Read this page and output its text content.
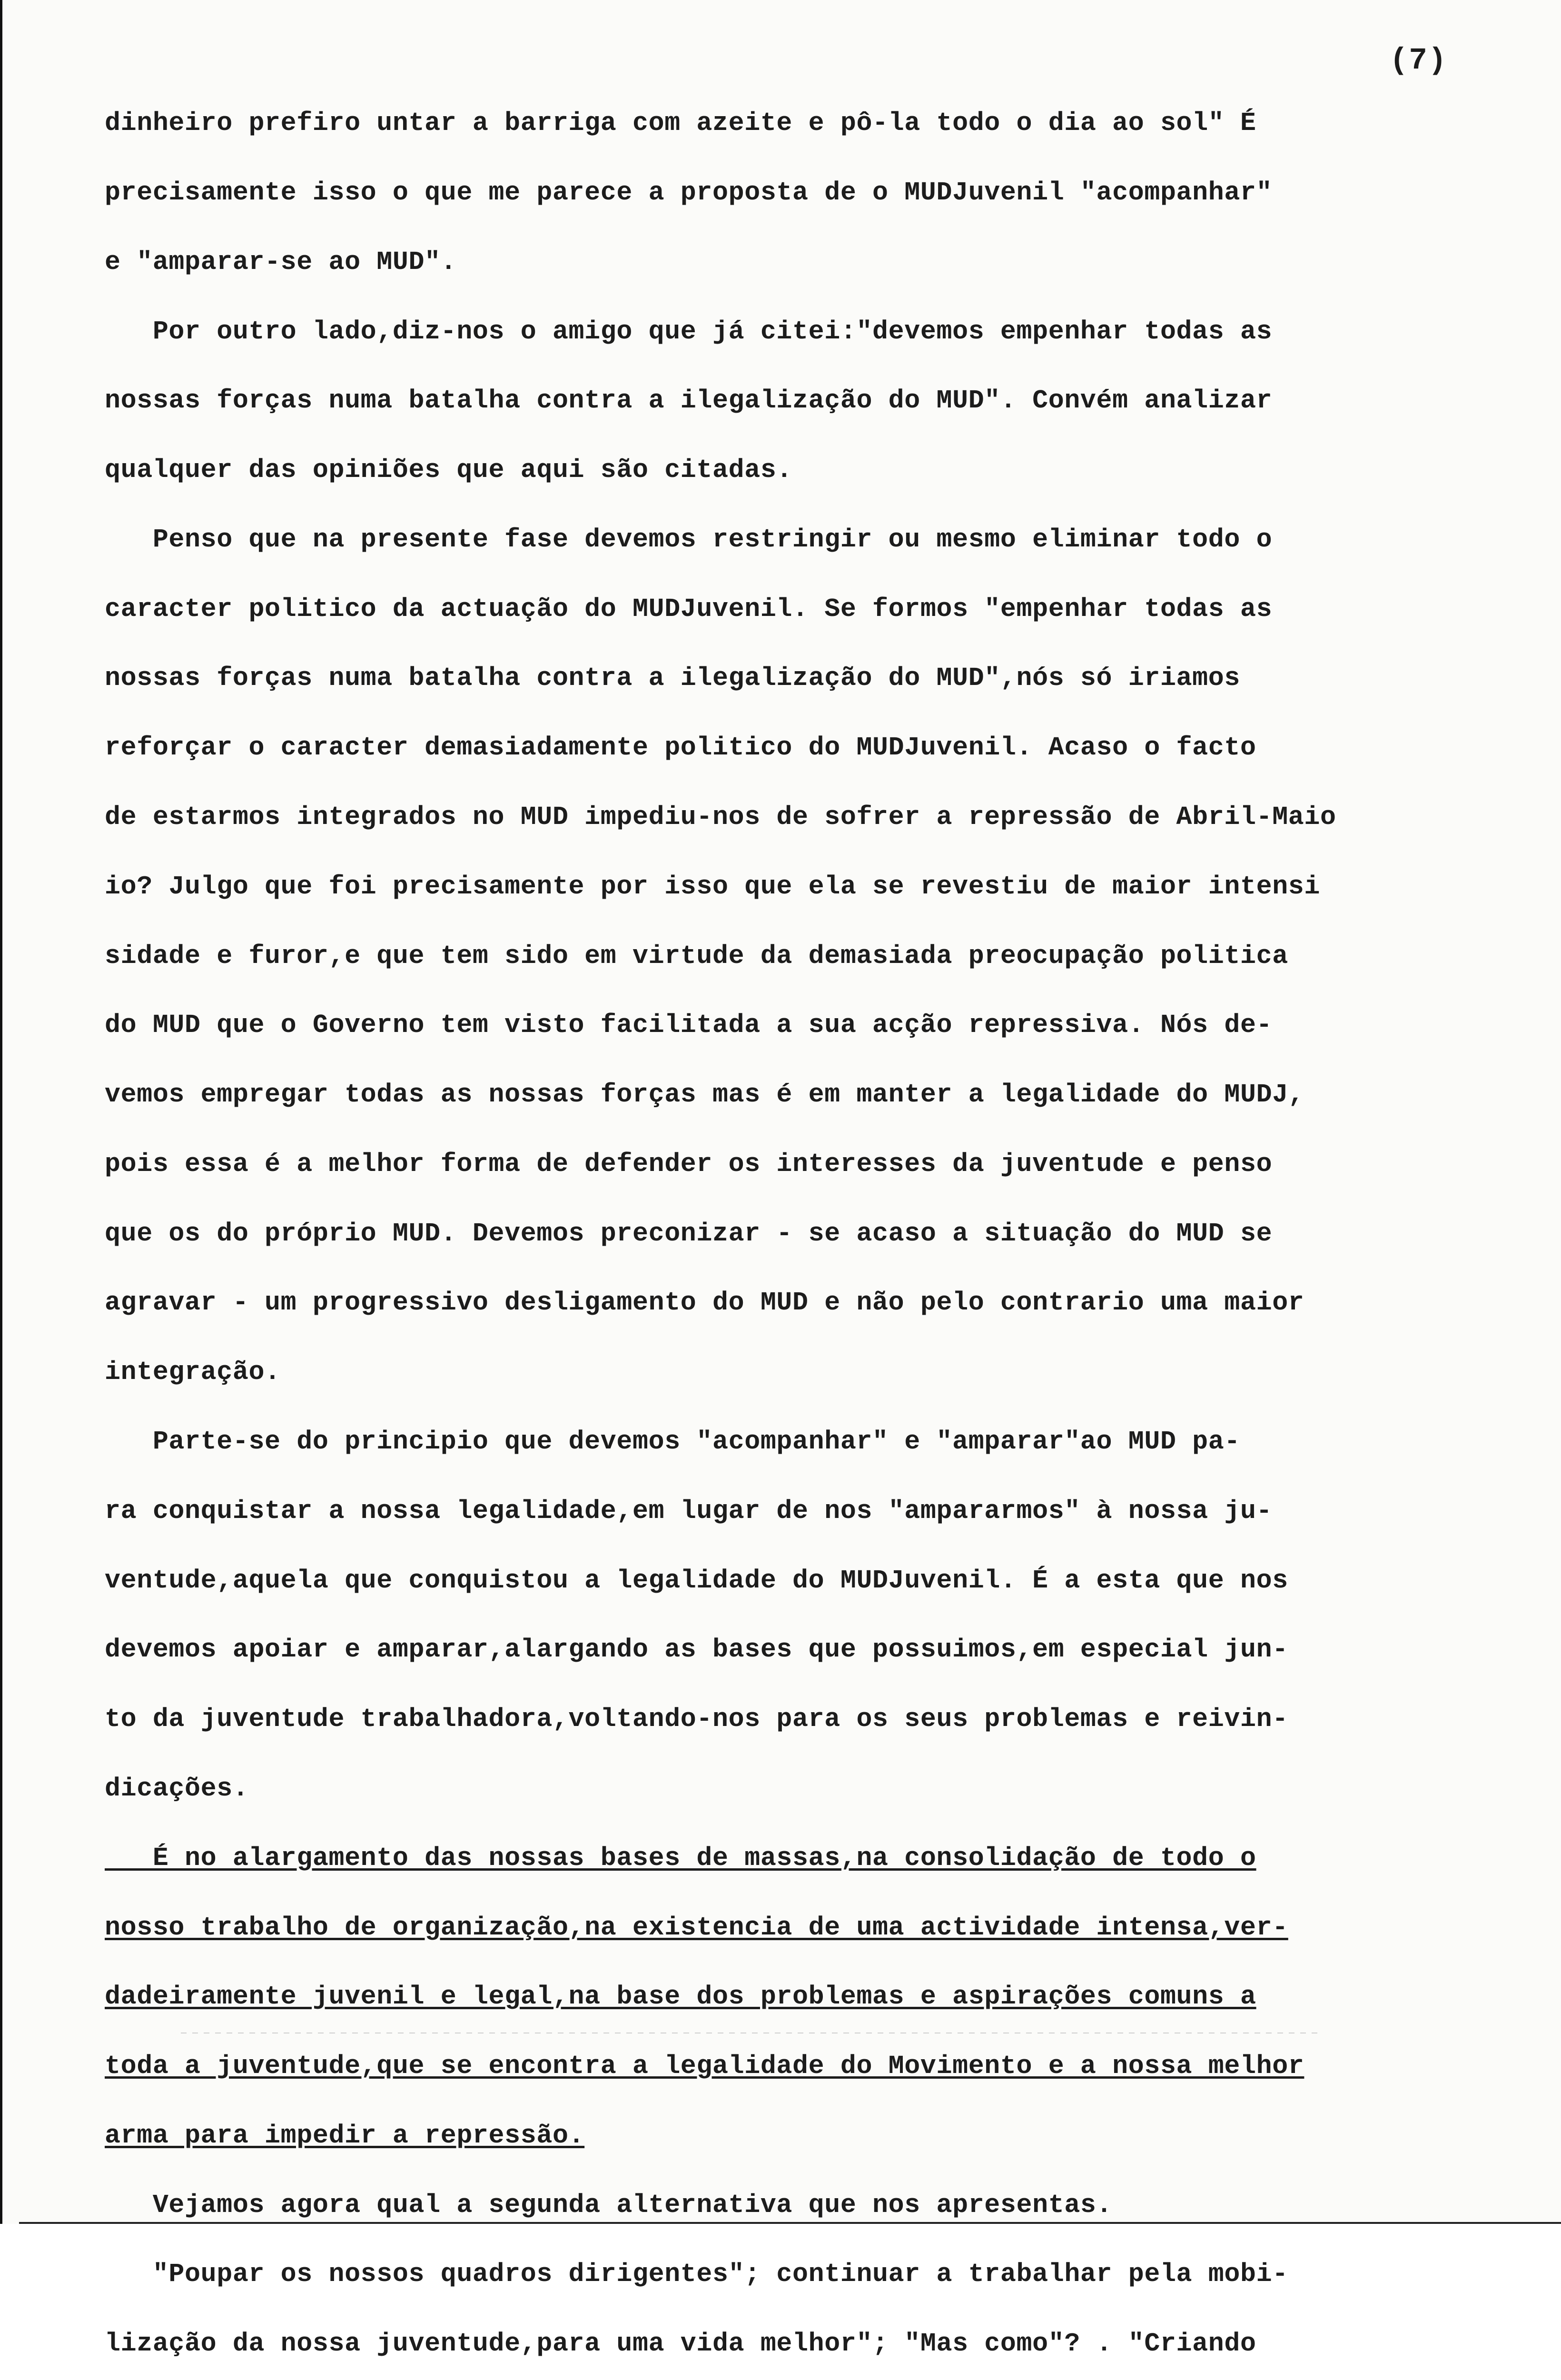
(7)

dinheiro prefiro untar a barriga com azeite e pô-la todo o dia ao sol" É

precisamente isso o que me parece a proposta de o MUDJuvenil "acompanhar"

e "amparar-se ao MUD".

Por outro lado,diz-nos o amigo que já citei:"devemos empenhar todas as

nossas forças numa batalha contra a ilegalização do MUD". Convém analizar

qualquer das opiniões que aqui são citadas.

Penso que na presente fase devemos restringir ou mesmo eliminar todo o

caracter politico da actuação do MUDJuvenil. Se formos "empenhar todas as

nossas forças numa batalha contra a ilegalização do MUD",nós só iriamos

reforçar o caracter demasiadamente politico do MUDJuvenil. Acaso o facto

de estarmos integrados no MUD impediu-nos de sofrer a repressão de Abril-Maio

io? Julgo que foi precisamente por isso que ela se revestiu de maior intensi

sidade e furor,e que tem sido em virtude da demasiada preocupação politica

do MUD que o Governo tem visto facilitada a sua acção repressiva. Nós de-

vemos empregar todas as nossas forças mas é em manter a legalidade do MUDJ,

pois essa é a melhor forma de defender os interesses da juventude e penso

que os do próprio MUD. Devemos preconizar - se acaso a situação do MUD se

agravar - um progressivo desligamento do MUD e não pelo contrario uma maior

integração.

Parte-se do principio que devemos "acompanhar" e "amparar"ao MUD pa-

ra conquistar a nossa legalidade,em lugar de nos "ampararmos" à nossa ju-

ventude,aquela que conquistou a legalidade do MUDJuvenil. É a esta que nos

devemos apoiar e amparar,alargando as bases que possuimos,em especial jun-

to da juventude trabalhadora,voltando-nos para os seus problemas e reivin-

dicações.

É no alargamento das nossas bases de massas,na consolidação de todo o

nosso trabalho de organização,na existencia de uma actividade intensa,ver-

dadeiramente juvenil e legal,na base dos problemas e aspirações comuns a

toda a juventude,que se encontra a legalidade do Movimento e a nossa melhor

arma para impedir a repressão.

Vejamos agora qual a segunda alternativa que nos apresentas.

"Poupar os nossos quadros dirigentes"; continuar a trabalhar pela mobi-

lização da nossa juventude,para uma vida melhor"; "Mas como"? . "Criando
